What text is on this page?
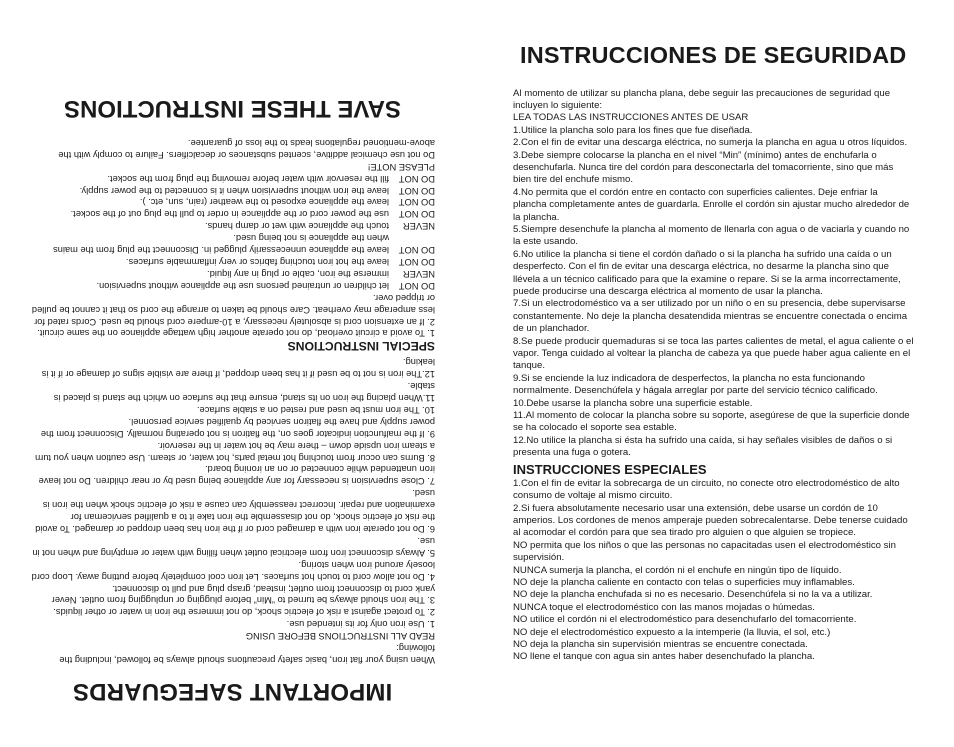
IMPORTANT SAFEGUARDS

When using your flat iron, basic safety precautions should always be followed, including the following:

READ ALL INSTRUCTIONS BEFORE USING

1. Use iron only for its intended use.

2. To protect against a risk of electric shock, do not immerse the iron in water or other liquids.

3. The iron should always be turned to “Min” before plugging or unplugging from outlet. Never yank cord to disconnect from outlet; instead, grasp plug and pull to disconnect.

4. Do not allow cord to touch hot surfaces. Let iron cool completely before putting away. Loop cord loosely around iron when storing.

5. Always disconnect iron from electrical outlet when filling with water or emptying and when not in use.

6. Do not operate iron with a damaged cord or if the iron has been dropped or damaged. To avoid the risk of electric shock, do not disassemble the iron take it to a qualified serviceman for examination and repair. Incorrect reassembly can cause a risk of electric shock when the iron is used.

7. Close supervision is necessary for any appliance being used by or near children. Do not leave iron unattended while connected or on an ironing board.

8. Burns can occur from touching hot metal parts, hot water, or steam. Use caution when you turn a steam iron upside down – there may be hot water in the reservoir.

9. If the malfunction indicator goes on, the flatiron is not operating normally. Disconnect from the power supply and have the flatiron serviced by qualified service personnel.

10. The iron must be used and rested on a stable surface.

11.When placing the iron on its stand, ensure that the surface on which the stand is placed is stable.

12.The iron is not to be used if it has been dropped, if there are visible signs of damage or if it is leaking.

SPECIAL INSTRUCTIONS

1. To avoid a circuit overload, do not operate another high wattage appliance on the same circuit.

2. If an extension cord is absolutely necessary, a 10-ampere cord should be used. Cords rated for less amperage may overheat. Care should be taken to arrange the cord so that it cannot be pulled or tripped over.

DO NOT
let children or untrained persons use the appliance without supervision.
NEVER
immerse the iron, cable or plug in any liquid.
DO NOT
leave the hot iron touching fabrics or very inflammable surfaces.
DO NOT
leave the appliance unnecessarily plugged in. Disconnect the plug from the mains when the appliance is not being used.
NEVER
touch the appliance with wet or damp hands.
DO NOT
use the power cord or the appliance in order to pull the plug out of the socket.
DO NOT
leave the appliance exposed to the weather (rain, sun, etc. ).
DO NOT
leave the iron without supervision when it is connected to the power supply.
DO NOT
fill the reservoir with water before removing the plug from the socket.

PLEASE NOTE!

Do not use chemical additive, scented substances or decalcifiers. Failure to comply with the above-mentioned regulations leads to the loss of guarantee.

SAVE THESE INSTRUCTIONS
INSTRUCCIONES DE SEGURIDAD

Al momento de utilizar su plancha plana, debe seguir las precauciones de seguridad que incluyen lo siguiente:

LEA TODAS LAS INSTRUCCIONES ANTES DE USAR

1.Utilice la plancha solo para los fines que fue diseñada.

2.Con el fin de evitar una descarga eléctrica, no sumerja la plancha en agua u otros líquidos.

3.Debe siempre colocarse la plancha en el nivel “Min” (mínimo) antes de enchufarla o desenchufarla. Nunca tire del cordón para desconectarla del tomacorriente, sino que más bien tire del enchufe mismo.

4.No permita que el cordón entre en contacto con superficies calientes. Deje enfriar la plancha completamente antes de guardarla. Enrolle el cordón sin ajustar mucho alrededor de la plancha.

5.Siempre desenchufe la plancha al momento de llenarla con agua o de vaciarla y cuando no la este usando.

6.No utilice la plancha si tiene el cordón dañado o si la plancha ha sufrido una caída o un desperfecto. Con el fin de evitar una descarga eléctrica, no desarme la plancha sino que llévela a un técnico calificado para que la examine o repare. Si se la arma incorrectamente, puede producirse una descarga eléctrica al momento de usar la plancha.

7.Si un electrodoméstico va a ser utilizado por un niño o en su presencia, debe supervisarse constantemente. No deje la plancha desatendida mientras se encuentre conectada o encima de un planchador.

8.Se puede producir quemaduras si se toca las partes calientes de metal, el agua caliente o el vapor. Tenga cuidado al voltear la plancha de cabeza ya que puede haber agua caliente en el tanque.

9.Si se enciende la luz indicadora de desperfectos, la plancha no esta funcionando normalmente. Desenchúfela y hágala arreglar por parte del servicio técnico calificado.

10.Debe usarse la plancha sobre una superficie estable.

11.Al momento de colocar la plancha sobre su soporte, asegúrese de que la superficie donde se ha colocado el soporte sea estable.

12.No utilice la plancha si ésta ha sufrido una caída, si hay señales visibles de daños o si presenta una fuga o gotera.

INSTRUCCIONES ESPECIALES

1.Con el fin de evitar la sobrecarga de un circuito, no conecte otro electrodoméstico de alto consumo de voltaje al mismo circuito.

2.Si fuera absolutamente necesario usar una extensión, debe usarse un cordón de 10 amperios. Los cordones de menos amperaje pueden sobrecalentarse. Debe tenerse cuidado al acomodar el cordón para que sea tirado pro alguien o que alguien se tropiece.

NO permita que los niños o que las personas no capacitadas usen el electrodoméstico sin supervisión.

NUNCA sumerja la plancha, el cordón ni el enchufe en ningún tipo de líquido.

NO deje la plancha caliente en contacto con telas o superficies muy inflamables.

NO deje la plancha enchufada si no es necesario. Desenchúfela si no la va a utilizar.

NUNCA toque el electrodoméstico con las manos mojadas o húmedas.

NO utilice el cordón ni el electrodoméstico para desenchufarlo del tomacorriente.

NO deje el electrodoméstico expuesto a la intemperie (la lluvia, el sol, etc.)

NO deja la plancha sin supervisión mientras se encuentre conectada.

NO llene el tanque con agua sin antes haber desenchufado la plancha.
